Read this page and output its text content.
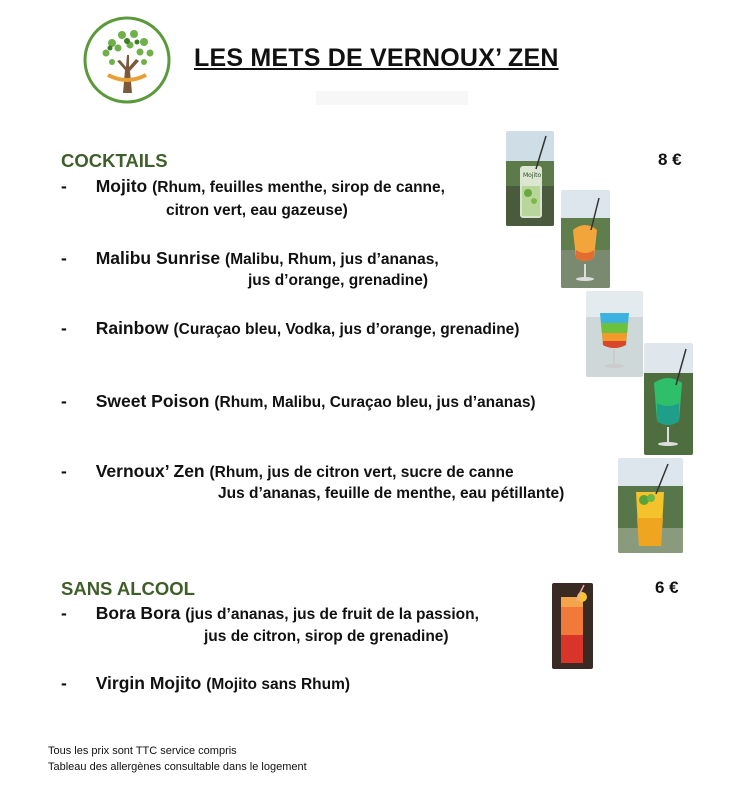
LES METS DE VERNOUX’ ZEN
COCKTAILS	8 €
- Mojito (Rhum, feuilles menthe, sirop de canne,
citron vert, eau gazeuse)
- Malibu Sunrise (Malibu, Rhum, jus d’ananas,
jus d’orange, grenadine)
- Rainbow (Curaçao bleu, Vodka, jus d’orange, grenadine)
- Sweet Poison (Rhum, Malibu, Curaçao bleu, jus d’ananas)
- Vernoux’ Zen (Rhum, jus de citron vert, sucre de canne
Jus d’ananas, feuille de menthe, eau pétillante)
SANS ALCOOL	6 €
- Bora Bora (jus d’ananas, jus de fruit de la passion,
jus de citron, sirop de grenadine)
- Virgin Mojito (Mojito sans Rhum)
Tous les prix sont TTC service compris
Tableau des allergènes consultable dans le logement
Mojito
